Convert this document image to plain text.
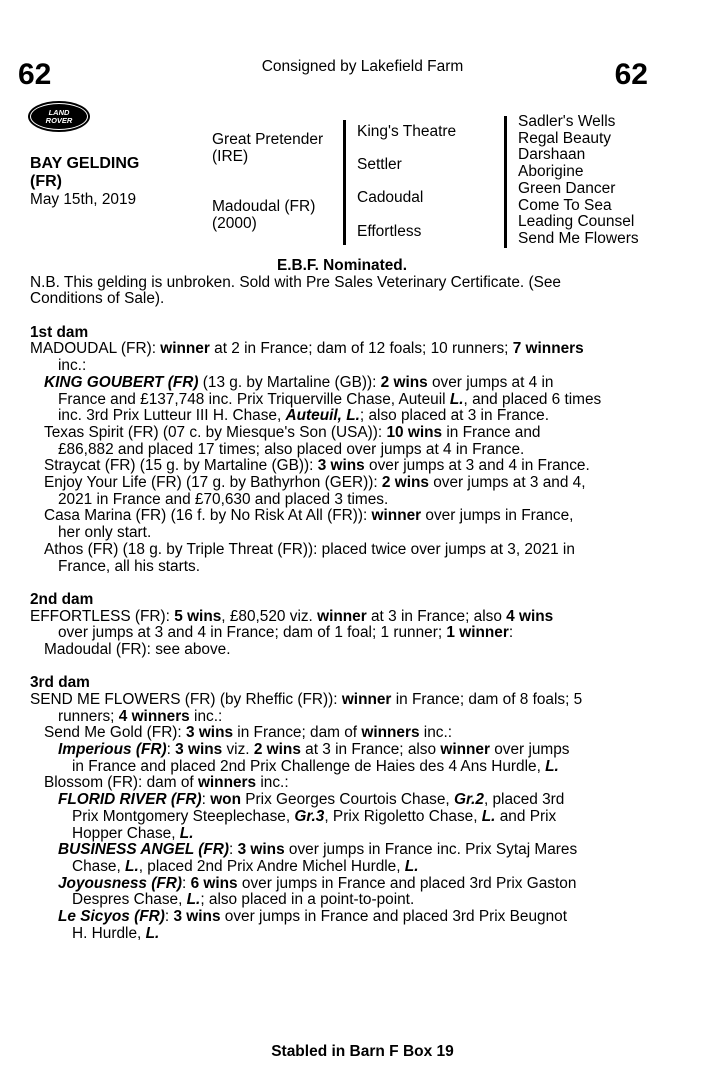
62	62
Consigned by Lakefield Farm
LAND
ROVER
BAY GELDING
(FR)
May 15th, 2019
Great Pretender
(IRE)
Madoudal (FR)
(2000)
King's Theatre
Settler
Cadoudal
Effortless
Sadler's Wells
Regal Beauty
Darshaan
Aborigine
Green Dancer
Come To Sea
Leading Counsel
Send Me Flowers
E.B.F. Nominated.
N.B. This gelding is unbroken. Sold with Pre Sales Veterinary Certificate. (See
Conditions of Sale).
1st dam
MADOUDAL (FR): winner at 2 in France; dam of 12 foals; 10 runners; 7 winners
inc.:
KING GOUBERT (FR) (13 g. by Martaline (GB)): 2 wins over jumps at 4 in
France and £137,748 inc. Prix Triquerville Chase, Auteuil L., and placed 6 times
inc. 3rd Prix Lutteur III H. Chase, Auteuil, L.; also placed at 3 in France.
Texas Spirit (FR) (07 c. by Miesque's Son (USA)): 10 wins in France and
£86,882 and placed 17 times; also placed over jumps at 4 in France.
Straycat (FR) (15 g. by Martaline (GB)): 3 wins over jumps at 3 and 4 in France.
Enjoy Your Life (FR) (17 g. by Bathyrhon (GER)): 2 wins over jumps at 3 and 4,
2021 in France and £70,630 and placed 3 times.
Casa Marina (FR) (16 f. by No Risk At All (FR)): winner over jumps in France,
her only start.
Athos (FR) (18 g. by Triple Threat (FR)): placed twice over jumps at 3, 2021 in
France, all his starts.
2nd dam
EFFORTLESS (FR): 5 wins, £80,520 viz. winner at 3 in France; also 4 wins
over jumps at 3 and 4 in France; dam of 1 foal; 1 runner; 1 winner:
Madoudal (FR): see above.
3rd dam
SEND ME FLOWERS (FR) (by Rheffic (FR)): winner in France; dam of 8 foals; 5
runners; 4 winners inc.:
Send Me Gold (FR): 3 wins in France; dam of winners inc.:
Imperious (FR): 3 wins viz. 2 wins at 3 in France; also winner over jumps
in France and placed 2nd Prix Challenge de Haies des 4 Ans Hurdle, L.
Blossom (FR): dam of winners inc.:
FLORID RIVER (FR): won Prix Georges Courtois Chase, Gr.2, placed 3rd
Prix Montgomery Steeplechase, Gr.3, Prix Rigoletto Chase, L. and Prix
Hopper Chase, L.
BUSINESS ANGEL (FR): 3 wins over jumps in France inc. Prix Sytaj Mares
Chase, L., placed 2nd Prix Andre Michel Hurdle, L.
Joyousness (FR): 6 wins over jumps in France and placed 3rd Prix Gaston
Despres Chase, L.; also placed in a point-to-point.
Le Sicyos (FR): 3 wins over jumps in France and placed 3rd Prix Beugnot
H. Hurdle, L.
Stabled in Barn F Box 19
